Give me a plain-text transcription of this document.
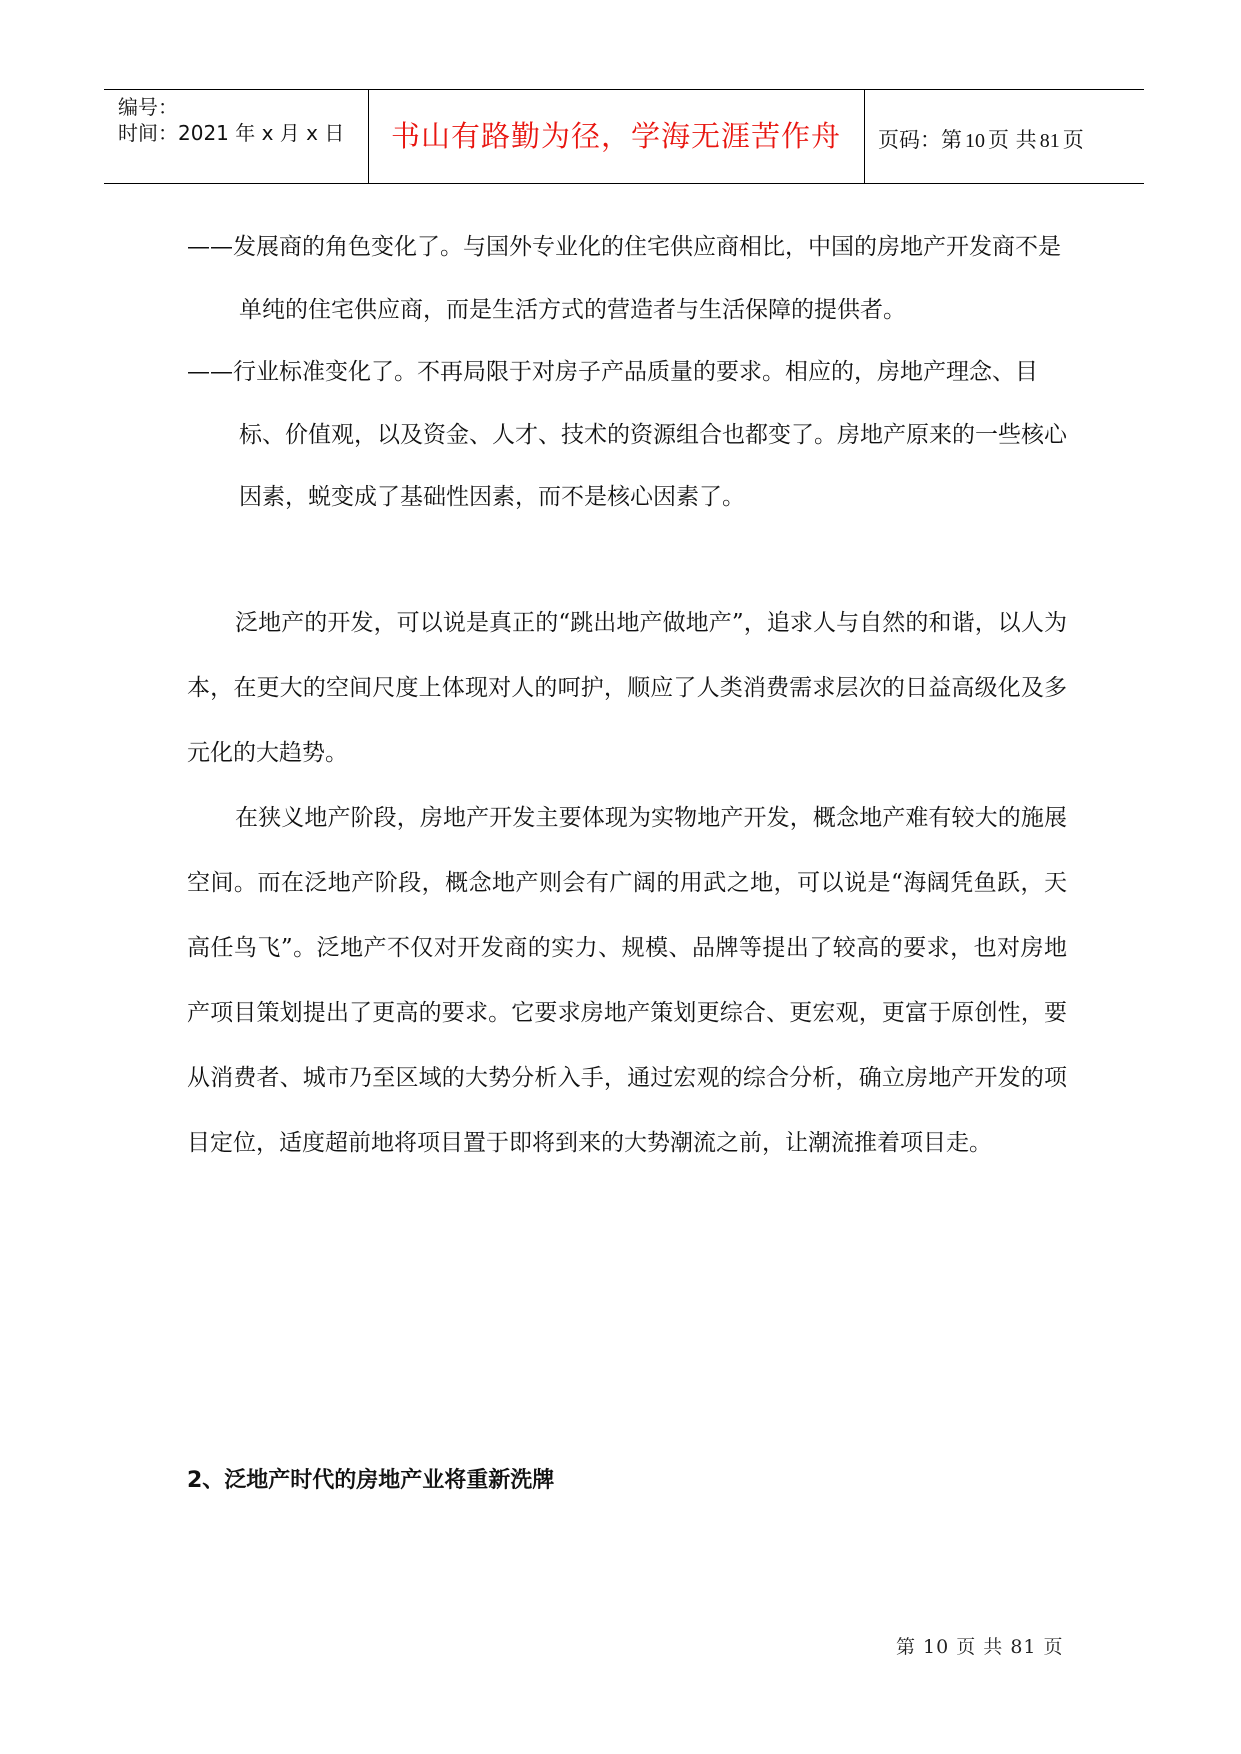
编号：
时间：2021 年 x 月 x 日	书山有路勤为径，学海无涯苦作舟	页码：第 10 页 共 81 页

——发展商的角色变化了。与国外专业化的住宅供应商相比，中国的房地产开发商不是单纯的住宅供应商，而是生活方式的营造者与生活保障的提供者。

——行业标准变化了。不再局限于对房子产品质量的要求。相应的，房地产理念、目标、价值观，以及资金、人才、技术的资源组合也都变了。房地产原来的一些核心因素，蜕变成了基础性因素，而不是核心因素了。

泛地产的开发，可以说是真正的“跳出地产做地产”，追求人与自然的和谐，以人为本，在更大的空间尺度上体现对人的呵护，顺应了人类消费需求层次的日益高级化及多元化的大趋势。

在狭义地产阶段，房地产开发主要体现为实物地产开发，概念地产难有较大的施展空间。而在泛地产阶段，概念地产则会有广阔的用武之地，可以说是“海阔凭鱼跃，天高任鸟飞”。泛地产不仅对开发商的实力、规模、品牌等提出了较高的要求，也对房地产项目策划提出了更高的要求。它要求房地产策划更综合、更宏观，更富于原创性，要从消费者、城市乃至区域的大势分析入手，通过宏观的综合分析，确立房地产开发的项目定位，适度超前地将项目置于即将到来的大势潮流之前，让潮流推着项目走。

2、泛地产时代的房地产业将重新洗牌
第 10 页 共 81 页
